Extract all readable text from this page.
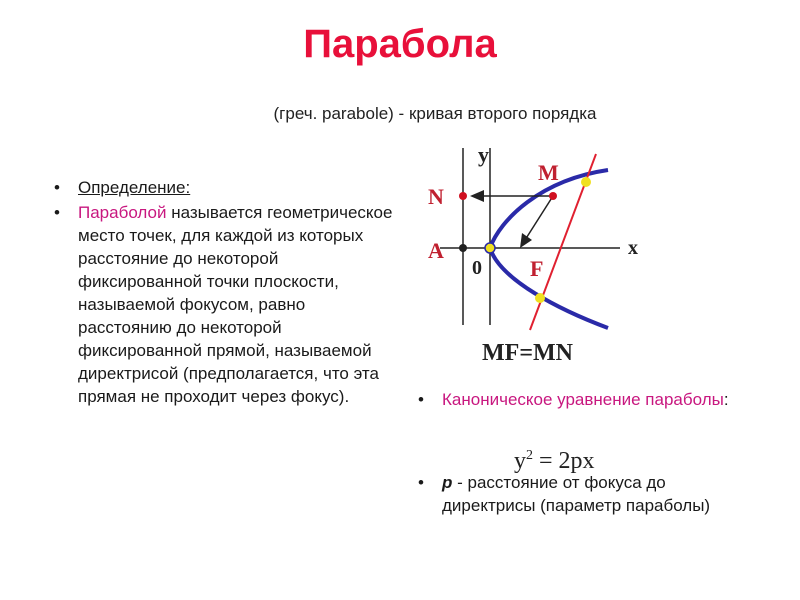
Парабола
(греч. parabole) - кривая второго порядка
• Определение:
• Параболой называется геометрическое место точек, для каждой из которых расстояние до некоторой фиксированной точки плоскости, называемой фокусом, равно расстоянию до некоторой фиксированной прямой, называемой директрисой (предполагается, что эта прямая не проходит через фокус).
y
x
N
M
A
F
0
MF=MN
• Каноническое уравнение параболы:
• p - расстояние от фокуса до директрисы (параметр параболы)
$y^2 = 2px$
